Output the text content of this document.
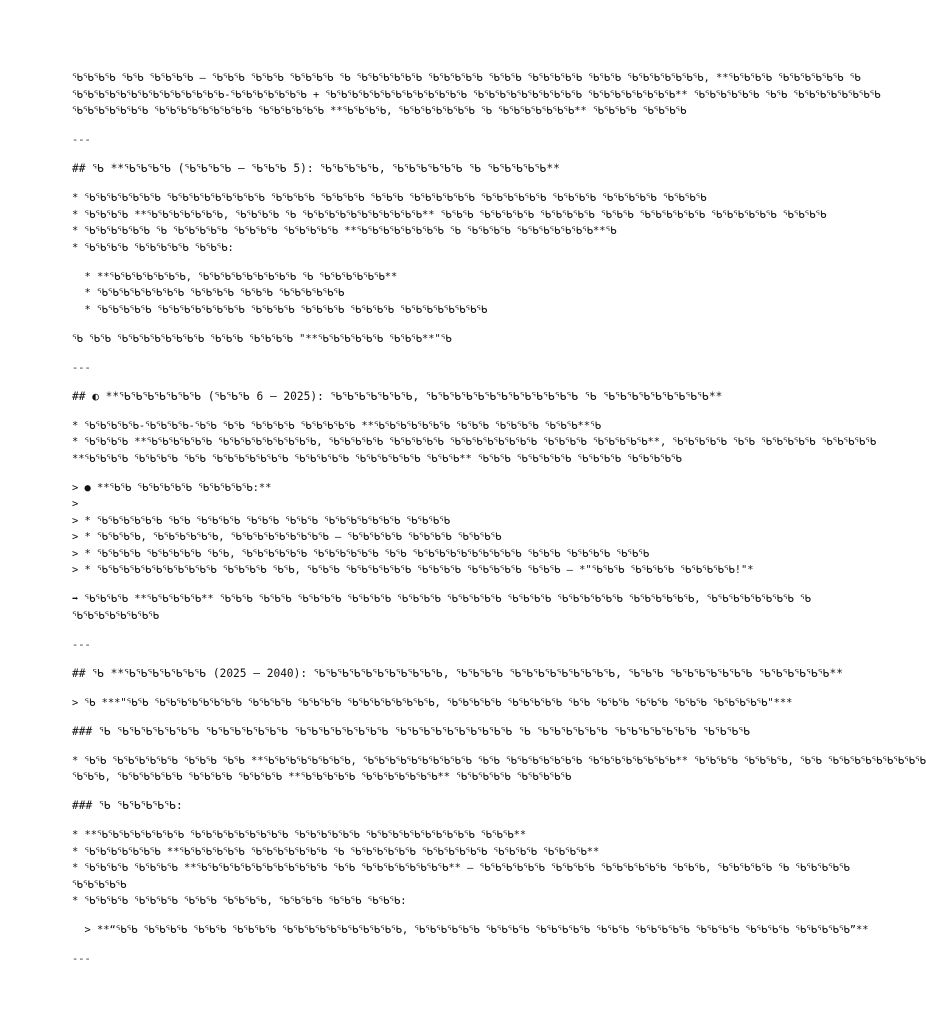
ᖃᖃᖃᖃ ᖃᖃ ᖃᖃᖃᖃ — ᖃᖃᖃ ᖃᖃᖃ ᖃᖃᖃᖃ ᖃ ᖃᖃᖃᖃᖃᖃ ᖃᖃᖃᖃᖃ ᖃᖃᖃ ᖃᖃᖃᖃᖃ ᖃᖃᖃ ᖃᖃᖃᖃᖃᖃᖃ, **ᖃᖃᖃᖃ ᖃᖃᖃᖃᖃᖃ ᖃ
ᖃᖃᖃᖃᖃᖃᖃᖃᖃᖃᖃᖃᖃᖃ-ᖃᖃᖃᖃᖃᖃᖃ + ᖃᖃᖃᖃᖃᖃᖃᖃᖃᖃᖃᖃᖃ ᖃᖃᖃᖃᖃᖃᖃᖃᖃᖃ ᖃᖃᖃᖃᖃᖃᖃᖃ** ᖃᖃᖃᖃᖃᖃ ᖃᖃ ᖃᖃᖃᖃᖃᖃᖃᖃ
ᖃᖃᖃᖃᖃᖃᖃ ᖃᖃᖃᖃᖃᖃᖃᖃᖃ ᖃᖃᖃᖃᖃᖃ **ᖃᖃᖃᖃ, ᖃᖃᖃᖃᖃᖃᖃ ᖃ ᖃᖃᖃᖃᖃᖃᖃ** ᖃᖃᖃᖃ ᖃᖃᖃᖃ
---
## ᖃ **ᖃᖃᖃᖃ (ᖃᖃᖃᖃ – ᖃᖃᖃ 5): ᖃᖃᖃᖃᖃ, ᖃᖃᖃᖃᖃᖃ ᖃ ᖃᖃᖃᖃᖃ**
* ᖃᖃᖃᖃᖃᖃᖃ ᖃᖃᖃᖃᖃᖃᖃᖃᖃ ᖃᖃᖃᖃ ᖃᖃᖃᖃ ᖃᖃᖃ ᖃᖃᖃᖃᖃᖃ ᖃᖃᖃᖃᖃᖃ ᖃᖃᖃᖃ ᖃᖃᖃᖃᖃ ᖃᖃᖃᖃ
* ᖃᖃᖃᖃ **ᖃᖃᖃᖃᖃᖃᖃ, ᖃᖃᖃᖃ ᖃ ᖃᖃᖃᖃᖃᖃᖃᖃᖃᖃᖃ** ᖃᖃᖃ ᖃᖃᖃᖃᖃ ᖃᖃᖃᖃᖃ ᖃᖃᖃ ᖃᖃᖃᖃᖃᖃ ᖃᖃᖃᖃᖃᖃ ᖃᖃᖃᖃ
* ᖃᖃᖃᖃᖃᖃ ᖃ ᖃᖃᖃᖃᖃ ᖃᖃᖃᖃ ᖃᖃᖃᖃᖃ **ᖃᖃᖃᖃᖃᖃᖃᖃ ᖃ ᖃᖃᖃᖃ ᖃᖃᖃᖃᖃᖃᖃ**ᖃ
* ᖃᖃᖃᖃ ᖃᖃᖃᖃᖃ ᖃᖃᖃ:
* **ᖃᖃᖃᖃᖃᖃᖃ, ᖃᖃᖃᖃᖃᖃᖃᖃᖃ ᖃ ᖃᖃᖃᖃᖃᖃ**
* ᖃᖃᖃᖃᖃᖃᖃᖃ ᖃᖃᖃᖃ ᖃᖃᖃ ᖃᖃᖃᖃᖃᖃ
* ᖃᖃᖃᖃᖃ ᖃᖃᖃᖃᖃᖃᖃᖃ ᖃᖃᖃᖃ ᖃᖃᖃᖃ ᖃᖃᖃᖃ ᖃᖃᖃᖃᖃᖃᖃᖃ
ᖃ ᖃᖃ ᖃᖃᖃᖃᖃᖃᖃᖃ ᖃᖃᖃ ᖃᖃᖃᖃ "**ᖃᖃᖃᖃᖃᖃ ᖃᖃᖃ**"ᖃ
---
## ◐ **ᖃᖃᖃᖃᖃᖃᖃ (ᖃᖃᖃ 6 – 2025): ᖃᖃᖃᖃᖃᖃᖃ, ᖃᖃᖃᖃᖃᖃᖃᖃᖃᖃᖃᖃᖃ ᖃ ᖃᖃᖃᖃᖃᖃᖃᖃᖃ**
* ᖃᖃᖃᖃᖃ-ᖃᖃᖃᖃ-ᖃᖃ ᖃᖃ ᖃᖃᖃᖃ ᖃᖃᖃᖃᖃ **ᖃᖃᖃᖃᖃᖃᖃ ᖃᖃᖃ ᖃᖃᖃᖃ ᖃᖃᖃ**ᖃ
* ᖃᖃᖃᖃ **ᖃᖃᖃᖃᖃᖃ ᖃᖃᖃᖃᖃᖃᖃᖃᖃ, ᖃᖃᖃᖃᖃ ᖃᖃᖃᖃᖃ ᖃᖃᖃᖃᖃᖃᖃᖃ ᖃᖃᖃᖃ ᖃᖃᖃᖃᖃ**, ᖃᖃᖃᖃᖃ ᖃᖃ ᖃᖃᖃᖃᖃ ᖃᖃᖃᖃᖃ
**ᖃᖃᖃᖃ ᖃᖃᖃᖃ ᖃᖃ ᖃᖃᖃᖃᖃᖃᖃ ᖃᖃᖃᖃᖃ ᖃᖃᖃᖃᖃᖃ ᖃᖃᖃ** ᖃᖃᖃ ᖃᖃᖃᖃᖃ ᖃᖃᖃᖃ ᖃᖃᖃᖃᖃ
> ● **ᖃᖃ ᖃᖃᖃᖃᖃ ᖃᖃᖃᖃᖃ:**
>
> * ᖃᖃᖃᖃᖃᖃ ᖃᖃ ᖃᖃᖃᖃ ᖃᖃᖃ ᖃᖃᖃ ᖃᖃᖃᖃᖃᖃᖃ ᖃᖃᖃᖃ
> * ᖃᖃᖃᖃ, ᖃᖃᖃᖃᖃᖃ, ᖃᖃᖃᖃᖃᖃᖃᖃᖃ — ᖃᖃᖃᖃᖃ ᖃᖃᖃᖃ ᖃᖃᖃᖃ
> * ᖃᖃᖃᖃ ᖃᖃᖃᖃᖃ ᖃᖃ, ᖃᖃᖃᖃᖃᖃ ᖃᖃᖃᖃᖃᖃ ᖃᖃ ᖃᖃᖃᖃᖃᖃᖃᖃᖃᖃ ᖃᖃᖃ ᖃᖃᖃᖃ ᖃᖃᖃ
> * ᖃᖃᖃᖃᖃᖃᖃᖃᖃᖃᖃ ᖃᖃᖃᖃ ᖃᖃ, ᖃᖃᖃ ᖃᖃᖃᖃᖃᖃ ᖃᖃᖃᖃ ᖃᖃᖃᖃᖃ ᖃᖃᖃ — *"ᖃᖃᖃ ᖃᖃᖃᖃ ᖃᖃᖃᖃᖃ!"*
➡ ᖃᖃᖃᖃ **ᖃᖃᖃᖃᖃ** ᖃᖃᖃ ᖃᖃᖃ ᖃᖃᖃᖃ ᖃᖃᖃᖃ ᖃᖃᖃᖃ ᖃᖃᖃᖃᖃ ᖃᖃᖃᖃ ᖃᖃᖃᖃᖃᖃ ᖃᖃᖃᖃᖃᖃ, ᖃᖃᖃᖃᖃᖃᖃᖃ ᖃ
ᖃᖃᖃᖃᖃᖃᖃᖃ
---
## ᖃ **ᖃᖃᖃᖃᖃᖃᖃ (2025 – 2040): ᖃᖃᖃᖃᖃᖃᖃᖃᖃᖃᖃ, ᖃᖃᖃᖃ ᖃᖃᖃᖃᖃᖃᖃᖃᖃ, ᖃᖃᖃ ᖃᖃᖃᖃᖃᖃᖃ ᖃᖃᖃᖃᖃᖃ**
> ᖃ ***"ᖃᖃ ᖃᖃᖃᖃᖃᖃᖃᖃ ᖃᖃᖃᖃ ᖃᖃᖃᖃ ᖃᖃᖃᖃᖃᖃᖃᖃ, ᖃᖃᖃᖃᖃ ᖃᖃᖃᖃᖃ ᖃᖃ ᖃᖃᖃ ᖃᖃᖃ ᖃᖃᖃ ᖃᖃᖃᖃᖃ"***
### ᖃ ᖃᖃᖃᖃᖃᖃᖃ ᖃᖃᖃᖃᖃᖃᖃ ᖃᖃᖃᖃᖃᖃᖃᖃ ᖃᖃᖃᖃᖃᖃᖃᖃᖃᖃ ᖃ ᖃᖃᖃᖃᖃᖃ ᖃᖃᖃᖃᖃᖃᖃ ᖃᖃᖃᖃ
* ᖃᖃ ᖃᖃᖃᖃᖃᖃ ᖃᖃᖃ ᖃᖃ **ᖃᖃᖃᖃᖃᖃᖃᖃ, ᖃᖃᖃᖃᖃᖃᖃᖃᖃᖃ ᖃᖃ ᖃᖃᖃᖃᖃᖃᖃ ᖃᖃᖃᖃᖃᖃᖃᖃ** ᖃᖃᖃᖃ ᖃᖃᖃᖃ, ᖃᖃ ᖃᖃᖃᖃᖃᖃᖃᖃᖃ
ᖃᖃᖃ, ᖃᖃᖃᖃᖃᖃ ᖃᖃᖃᖃ ᖃᖃᖃᖃ **ᖃᖃᖃᖃᖃ ᖃᖃᖃᖃᖃᖃᖃ** ᖃᖃᖃᖃᖃ ᖃᖃᖃᖃᖃ
### ᖃ ᖃᖃᖃᖃᖃ:
* **ᖃᖃᖃᖃᖃᖃᖃᖃ ᖃᖃᖃᖃᖃᖃᖃᖃᖃ ᖃᖃᖃᖃᖃᖃ ᖃᖃᖃᖃᖃᖃᖃᖃᖃᖃ ᖃᖃᖃ**
* ᖃᖃᖃᖃᖃᖃᖃ **ᖃᖃᖃᖃᖃᖃ ᖃᖃᖃᖃᖃᖃᖃ ᖃ ᖃᖃᖃᖃᖃᖃ ᖃᖃᖃᖃᖃᖃ ᖃᖃᖃᖃ ᖃᖃᖃᖃ**
* ᖃᖃᖃᖃ ᖃᖃᖃᖃ **ᖃᖃᖃᖃᖃᖃᖃᖃᖃᖃᖃᖃ ᖃᖃ ᖃᖃᖃᖃᖃᖃᖃᖃ** — ᖃᖃᖃᖃᖃᖃ ᖃᖃᖃᖃ ᖃᖃᖃᖃᖃᖃ ᖃᖃᖃ, ᖃᖃᖃᖃᖃ ᖃ ᖃᖃᖃᖃᖃ
ᖃᖃᖃᖃᖃ
* ᖃᖃᖃᖃ ᖃᖃᖃᖃ ᖃᖃᖃ ᖃᖃᖃᖃ, ᖃᖃᖃᖃ ᖃᖃᖃ ᖃᖃᖃ:
> **“ᖃᖃ ᖃᖃᖃᖃ ᖃᖃᖃ ᖃᖃᖃᖃ ᖃᖃᖃᖃᖃᖃᖃᖃᖃᖃᖃ, ᖃᖃᖃᖃᖃᖃ ᖃᖃᖃᖃ ᖃᖃᖃᖃᖃ ᖃᖃᖃ ᖃᖃᖃᖃᖃ ᖃᖃᖃᖃ ᖃᖃᖃᖃ ᖃᖃᖃᖃᖃ”**
---
